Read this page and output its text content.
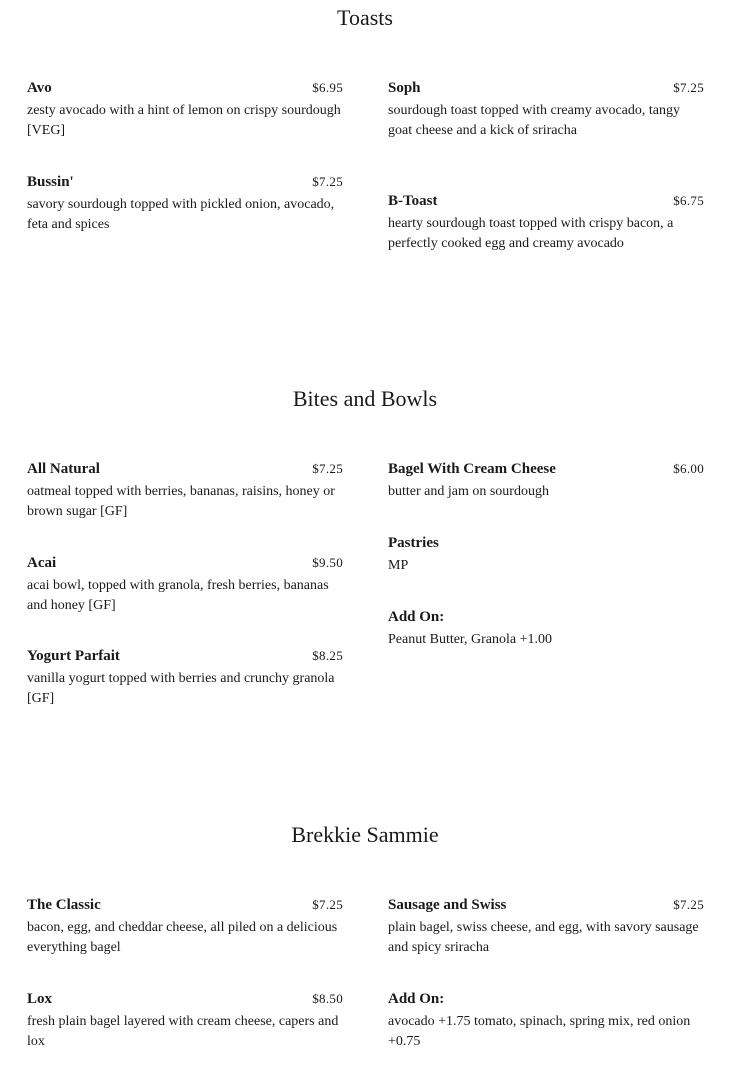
Toasts
Avo	$6.95
zesty avocado with a hint of lemon on crispy sourdough [VEG]
Bussin'	$7.25
savory sourdough topped with pickled onion, avocado, feta and spices
Soph	$7.25
sourdough toast topped with creamy avocado, tangy goat cheese and a kick of sriracha
B-Toast	$6.75
hearty sourdough toast topped with crispy bacon, a perfectly cooked egg and creamy avocado
Bites and Bowls
All Natural	$7.25
oatmeal topped with berries, bananas, raisins, honey or brown sugar [GF]
Acai	$9.50
acai bowl, topped with granola, fresh berries, bananas and honey [GF]
Yogurt Parfait	$8.25
vanilla yogurt topped with berries and crunchy granola [GF]
Bagel With Cream Cheese	$6.00
butter and jam on sourdough
Pastries
MP
Add On:
Peanut Butter, Granola +1.00
Brekkie Sammie
The Classic	$7.25
bacon, egg, and cheddar cheese, all piled on a delicious everything bagel
Lox	$8.50
fresh plain bagel layered with cream cheese, capers and lox
Sausage and Swiss	$7.25
plain bagel, swiss cheese, and egg, with savory sausage and spicy sriracha
Add On:
avocado +1.75 tomato, spinach, spring mix, red onion +0.75
